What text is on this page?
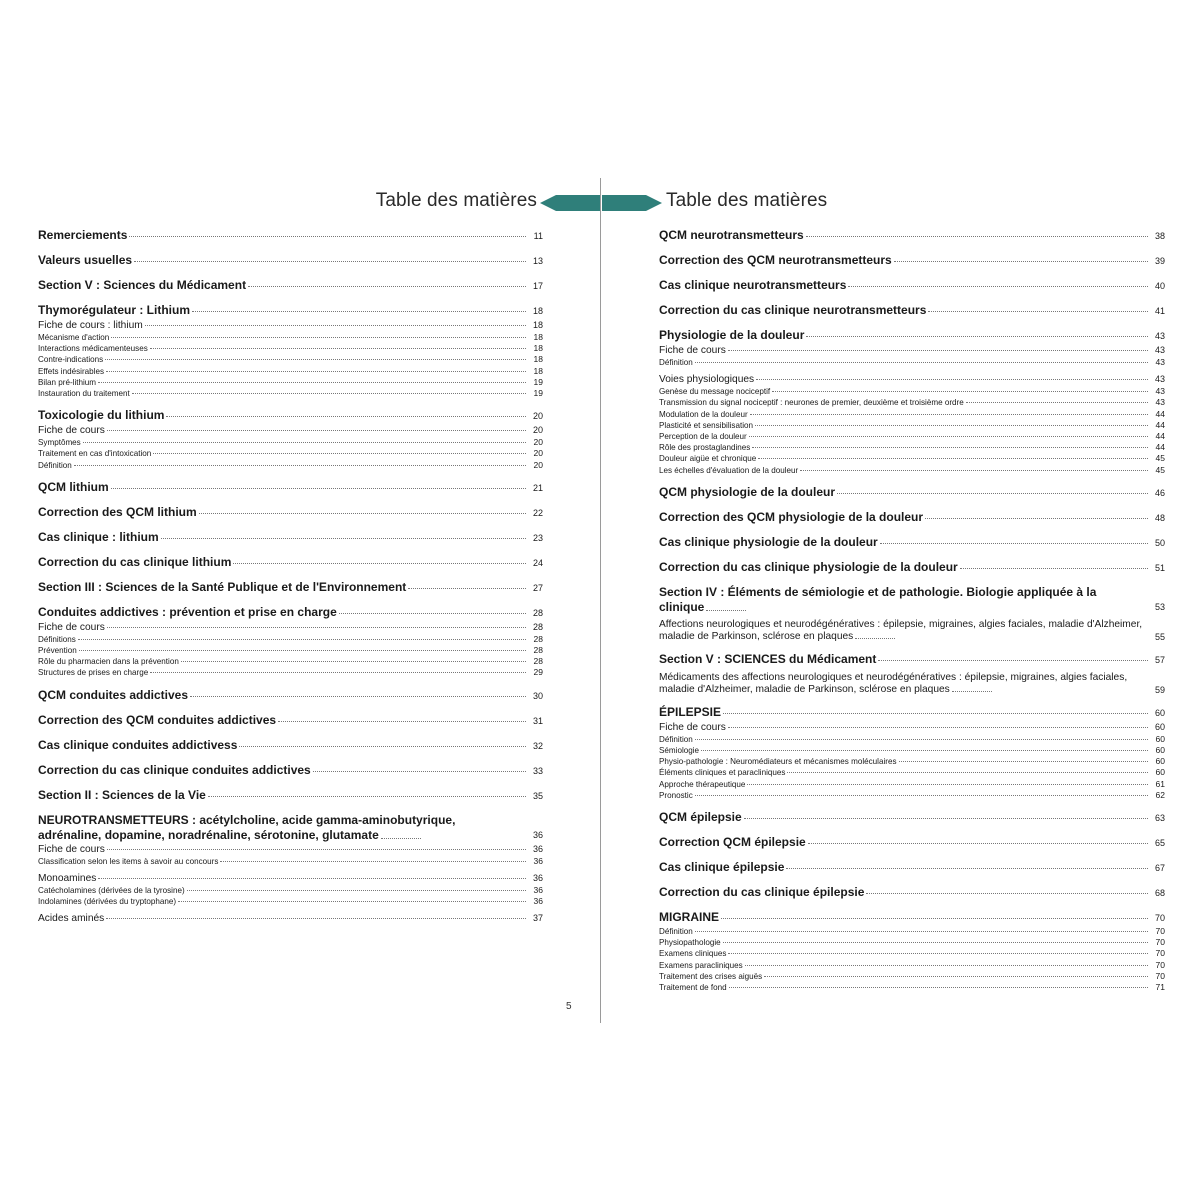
Table des matières	Table des matières
Remerciements	11
Valeurs usuelles	13
Section V : Sciences du Médicament	17
Thymorégulateur : Lithium	18
Fiche de cours : lithium	18
Mécanisme d'action	18
Interactions médicamenteuses	18
Contre-indications	18
Effets indésirables	18
Bilan pré-lithium	19
Instauration du traitement	19
Toxicologie du lithium	20
Fiche de cours	20
Symptômes	20
Traitement en cas d'intoxication	20
Définition	20
QCM lithium	21
Correction des QCM lithium	22
Cas clinique : lithium	23
Correction du cas clinique lithium	24
Section III : Sciences de la Santé Publique et de l'Environnement	27
Conduites addictives : prévention et prise en charge	28
Fiche de cours	28
Définitions	28
Prévention	28
Rôle du pharmacien dans la prévention	28
Structures de prises en charge	29
QCM conduites addictives	30
Correction des QCM conduites addictives	31
Cas clinique conduites addictivess	32
Correction du cas clinique conduites addictives	33
Section II : Sciences de la Vie	35
NEUROTRANSMETTEURS : acétylcholine, acide gamma-aminobutyrique, adrénaline, dopamine, noradrénaline, sérotonine, glutamate	36
Fiche de cours	36
Classification selon les items à savoir au concours	36
Monoamines	36
Catécholamines (dérivées de la tyrosine)	36
Indolamines (dérivées du tryptophane)	36
Acides aminés	37
QCM neurotransmetteurs	38
Correction des QCM neurotransmetteurs	39
Cas clinique neurotransmetteurs	40
Correction du cas clinique neurotransmetteurs	41
Physiologie de la douleur	43
Fiche de cours	43
Définition	43
Voies physiologiques	43
Genèse du message nociceptif	43
Transmission du signal nociceptif : neurones de premier, deuxième et troisième ordre	43
Modulation de la douleur	44
Plasticité et sensibilisation	44
Perception de la douleur	44
Rôle des prostaglandines	44
Douleur aigüe et chronique	45
Les échelles d'évaluation de la douleur	45
QCM physiologie de la douleur	46
Correction des QCM physiologie de la douleur	48
Cas clinique physiologie de la douleur	50
Correction du cas clinique physiologie de la douleur	51
Section IV : Éléments de sémiologie et de pathologie. Biologie appliquée à la clinique	53
Affections neurologiques et neurodégénératives : épilepsie, migraines, algies faciales, maladie d'Alzheimer, maladie de Parkinson, sclérose en plaques	55
Section V : SCIENCES du Médicament	57
Médicaments des affections neurologiques et neurodégénératives : épilepsie, migraines, algies faciales, maladie d'Alzheimer, maladie de Parkinson, sclérose en plaques	59
ÉPILEPSIE	60
Fiche de cours	60
Définition	60
Sémiologie	60
Physio-pathologie : Neuromédiateurs et mécanismes moléculaires	60
Éléments cliniques et paracliniques	60
Approche thérapeutique	61
Pronostic	62
QCM épilepsie	63
Correction QCM épilepsie	65
Cas clinique épilepsie	67
Correction du cas clinique épilepsie	68
MIGRAINE	70
Définition	70
Physiopathologie	70
Examens cliniques	70
Examens paracliniques	70
Traitement des crises aiguës	70
Traitement de fond	71
5
